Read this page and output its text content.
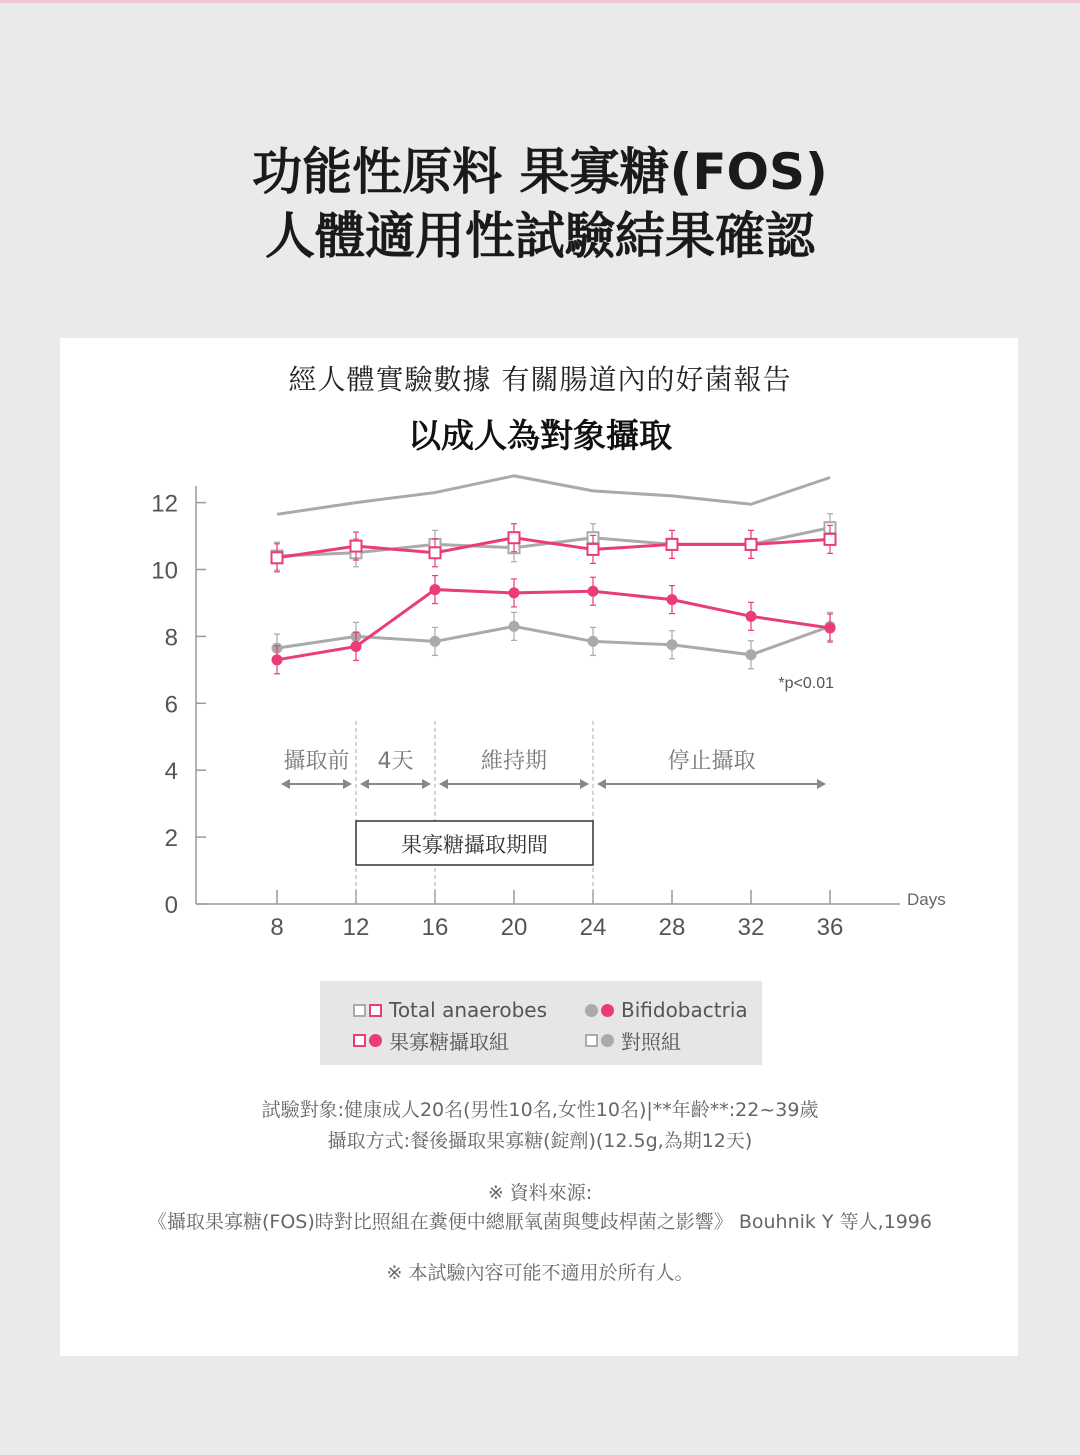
功能性原料 果寡糖(FOS)
人體適用性試驗結果確認
經人體實驗數據 有關腸道內的好菌報告
以成人為對象攝取
0
2
4
6
8
10
12
8 12 16 20 24 28 32 36
Days
攝取前 4天	維持期	停止攝取
果寡糖攝取期間
*p<0.01
Total anaerobes	Bifidobactria
果寡糖攝取組	對照組
試驗對象:健康成人20名(男性10名,女性10名)|**年齡**:22~39歲
攝取方式:餐後攝取果寡糖(錠劑)(12.5g,為期12天)
※ 資料來源:
《攝取果寡糖(FOS)時對比照組在糞便中總厭氧菌與雙歧桿菌之影響》 Bouhnik Y 等人,1996
※ 本試驗內容可能不適用於所有人。
